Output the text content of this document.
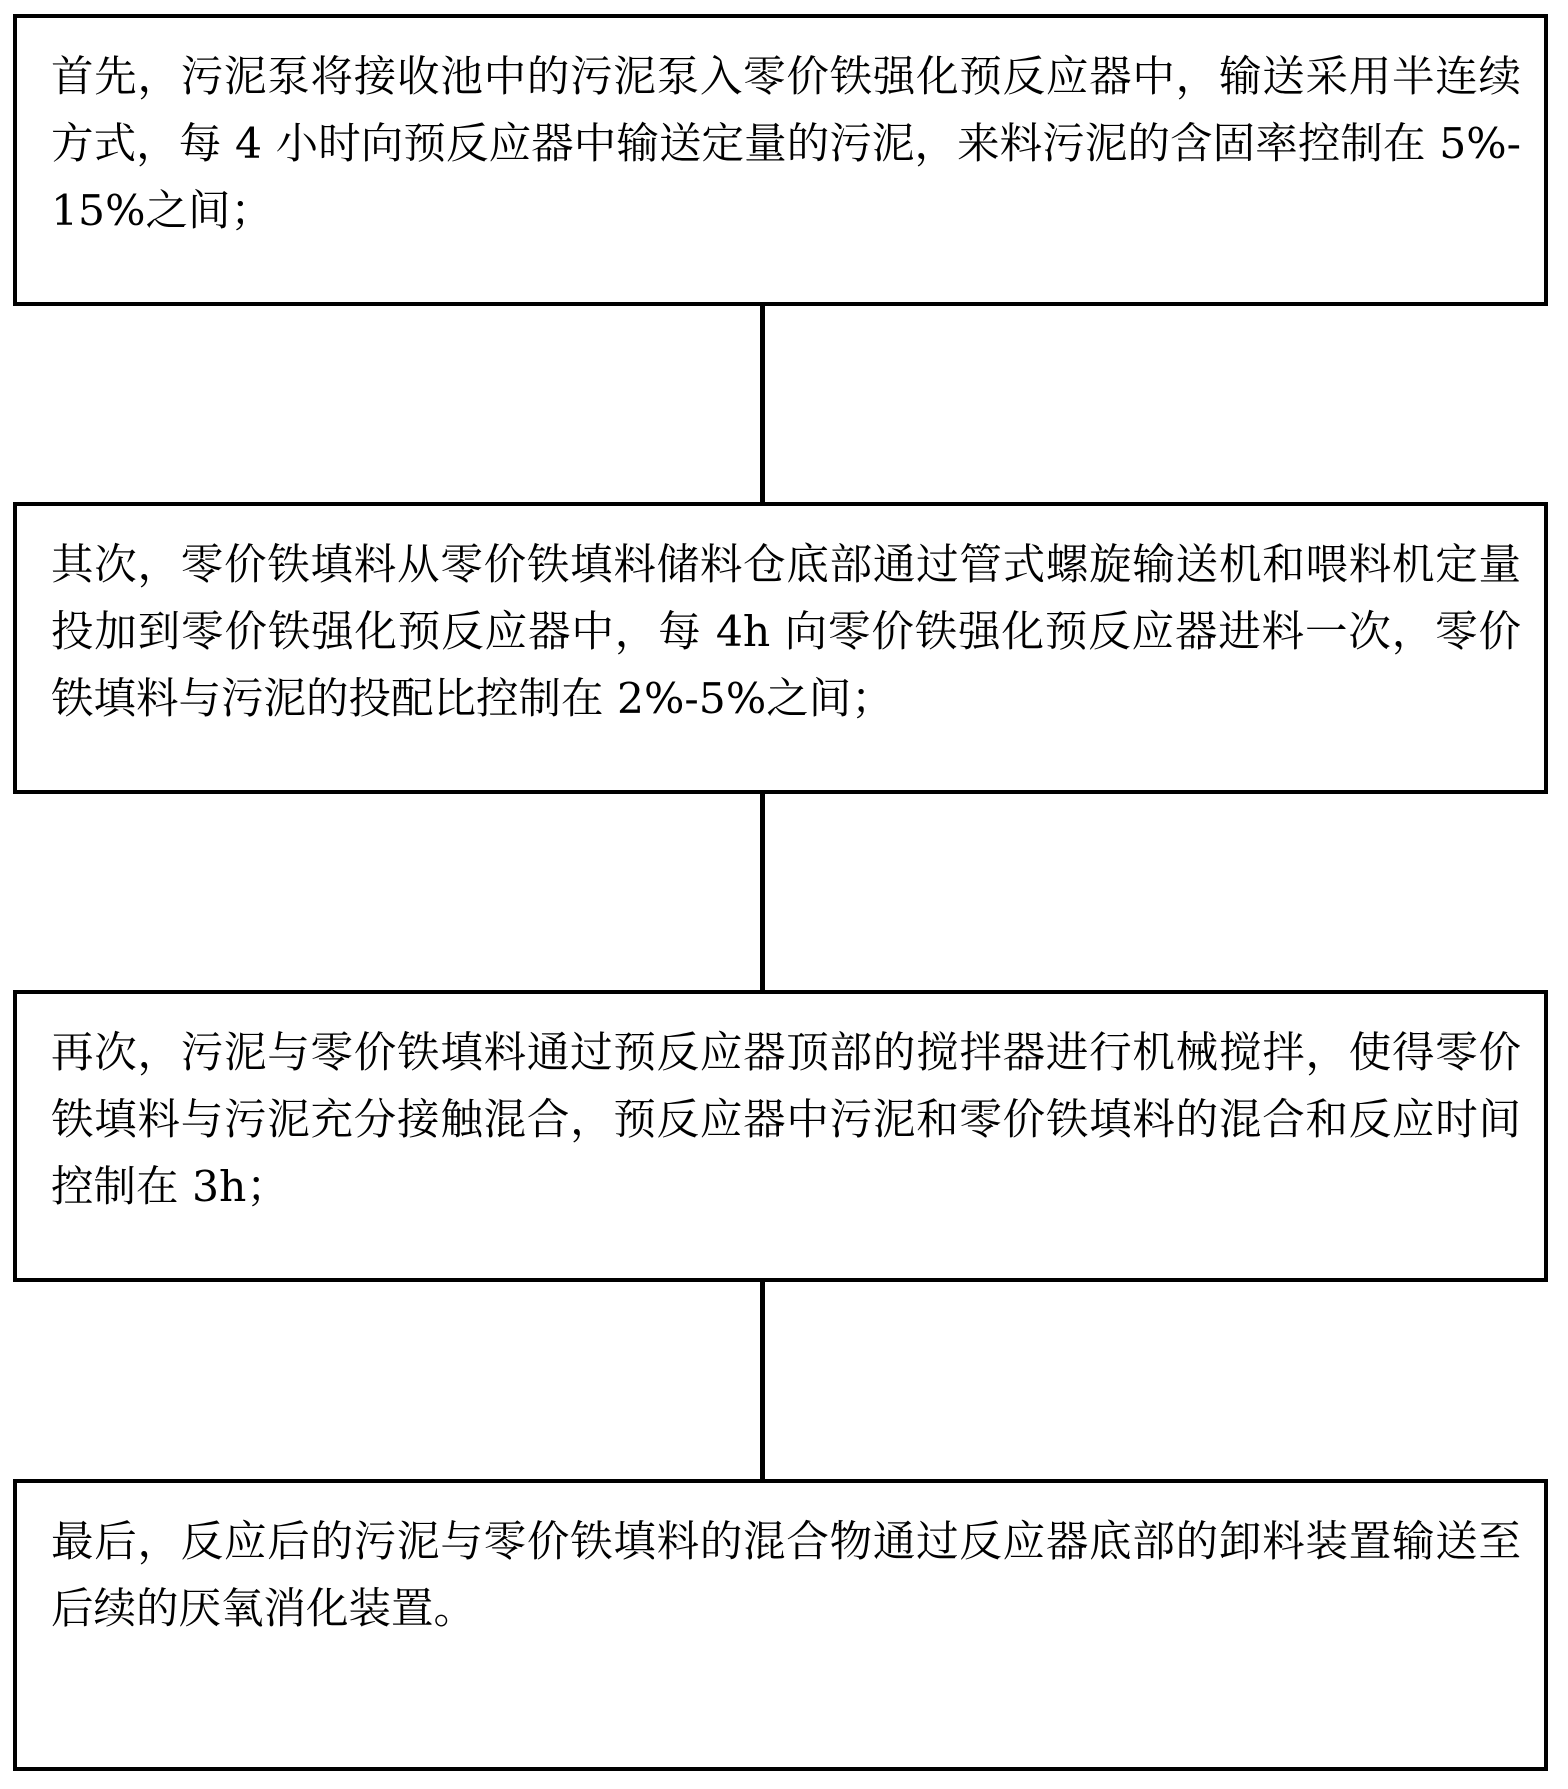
首先，污泥泵将接收池中的污泥泵入零价铁强化预反应器中，输送采用半连续方式，每 4 小时向预反应器中输送定量的污泥，来料污泥的含固率控制在 5%-15%之间；

其次，零价铁填料从零价铁填料储料仓底部通过管式螺旋输送机和喂料机定量投加到零价铁强化预反应器中，每 4h 向零价铁强化预反应器进料一次，零价铁填料与污泥的投配比控制在 2%-5%之间；

再次，污泥与零价铁填料通过预反应器顶部的搅拌器进行机械搅拌，使得零价铁填料与污泥充分接触混合，预反应器中污泥和零价铁填料的混合和反应时间控制在 3h；

最后，反应后的污泥与零价铁填料的混合物通过反应器底部的卸料装置输送至后续的厌氧消化装置。
